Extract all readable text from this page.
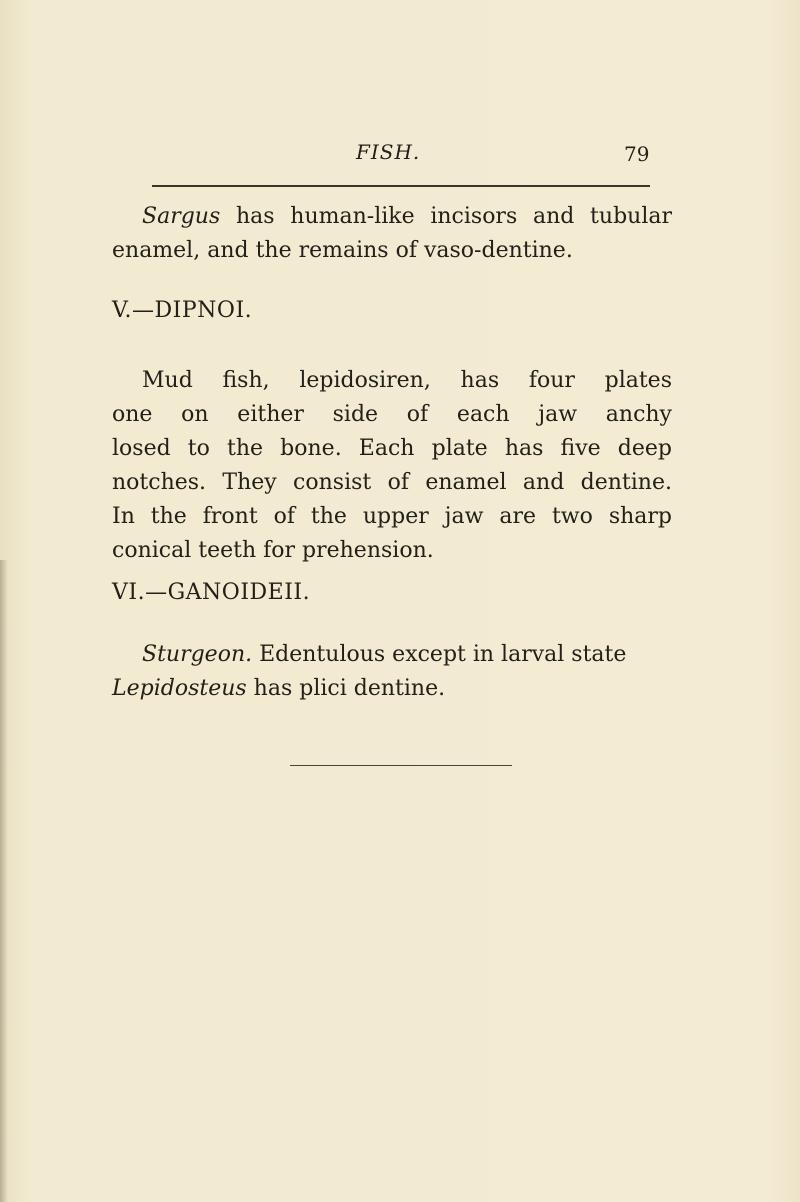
FISH.	79
Sargus has human-like incisors and tubular
enamel, and the remains of vaso-dentine.
V.—DIPNOI.
Mud fish, lepidosiren, has four plates
one on either side of each jaw anchy
losed to the bone. Each plate has five deep
notches. They consist of enamel and dentine.
In the front of the upper jaw are two sharp
conical teeth for prehension.
VI.—GANOIDEII.
Sturgeon. Edentulous except in larval state
Lepidosteus has plici dentine.
